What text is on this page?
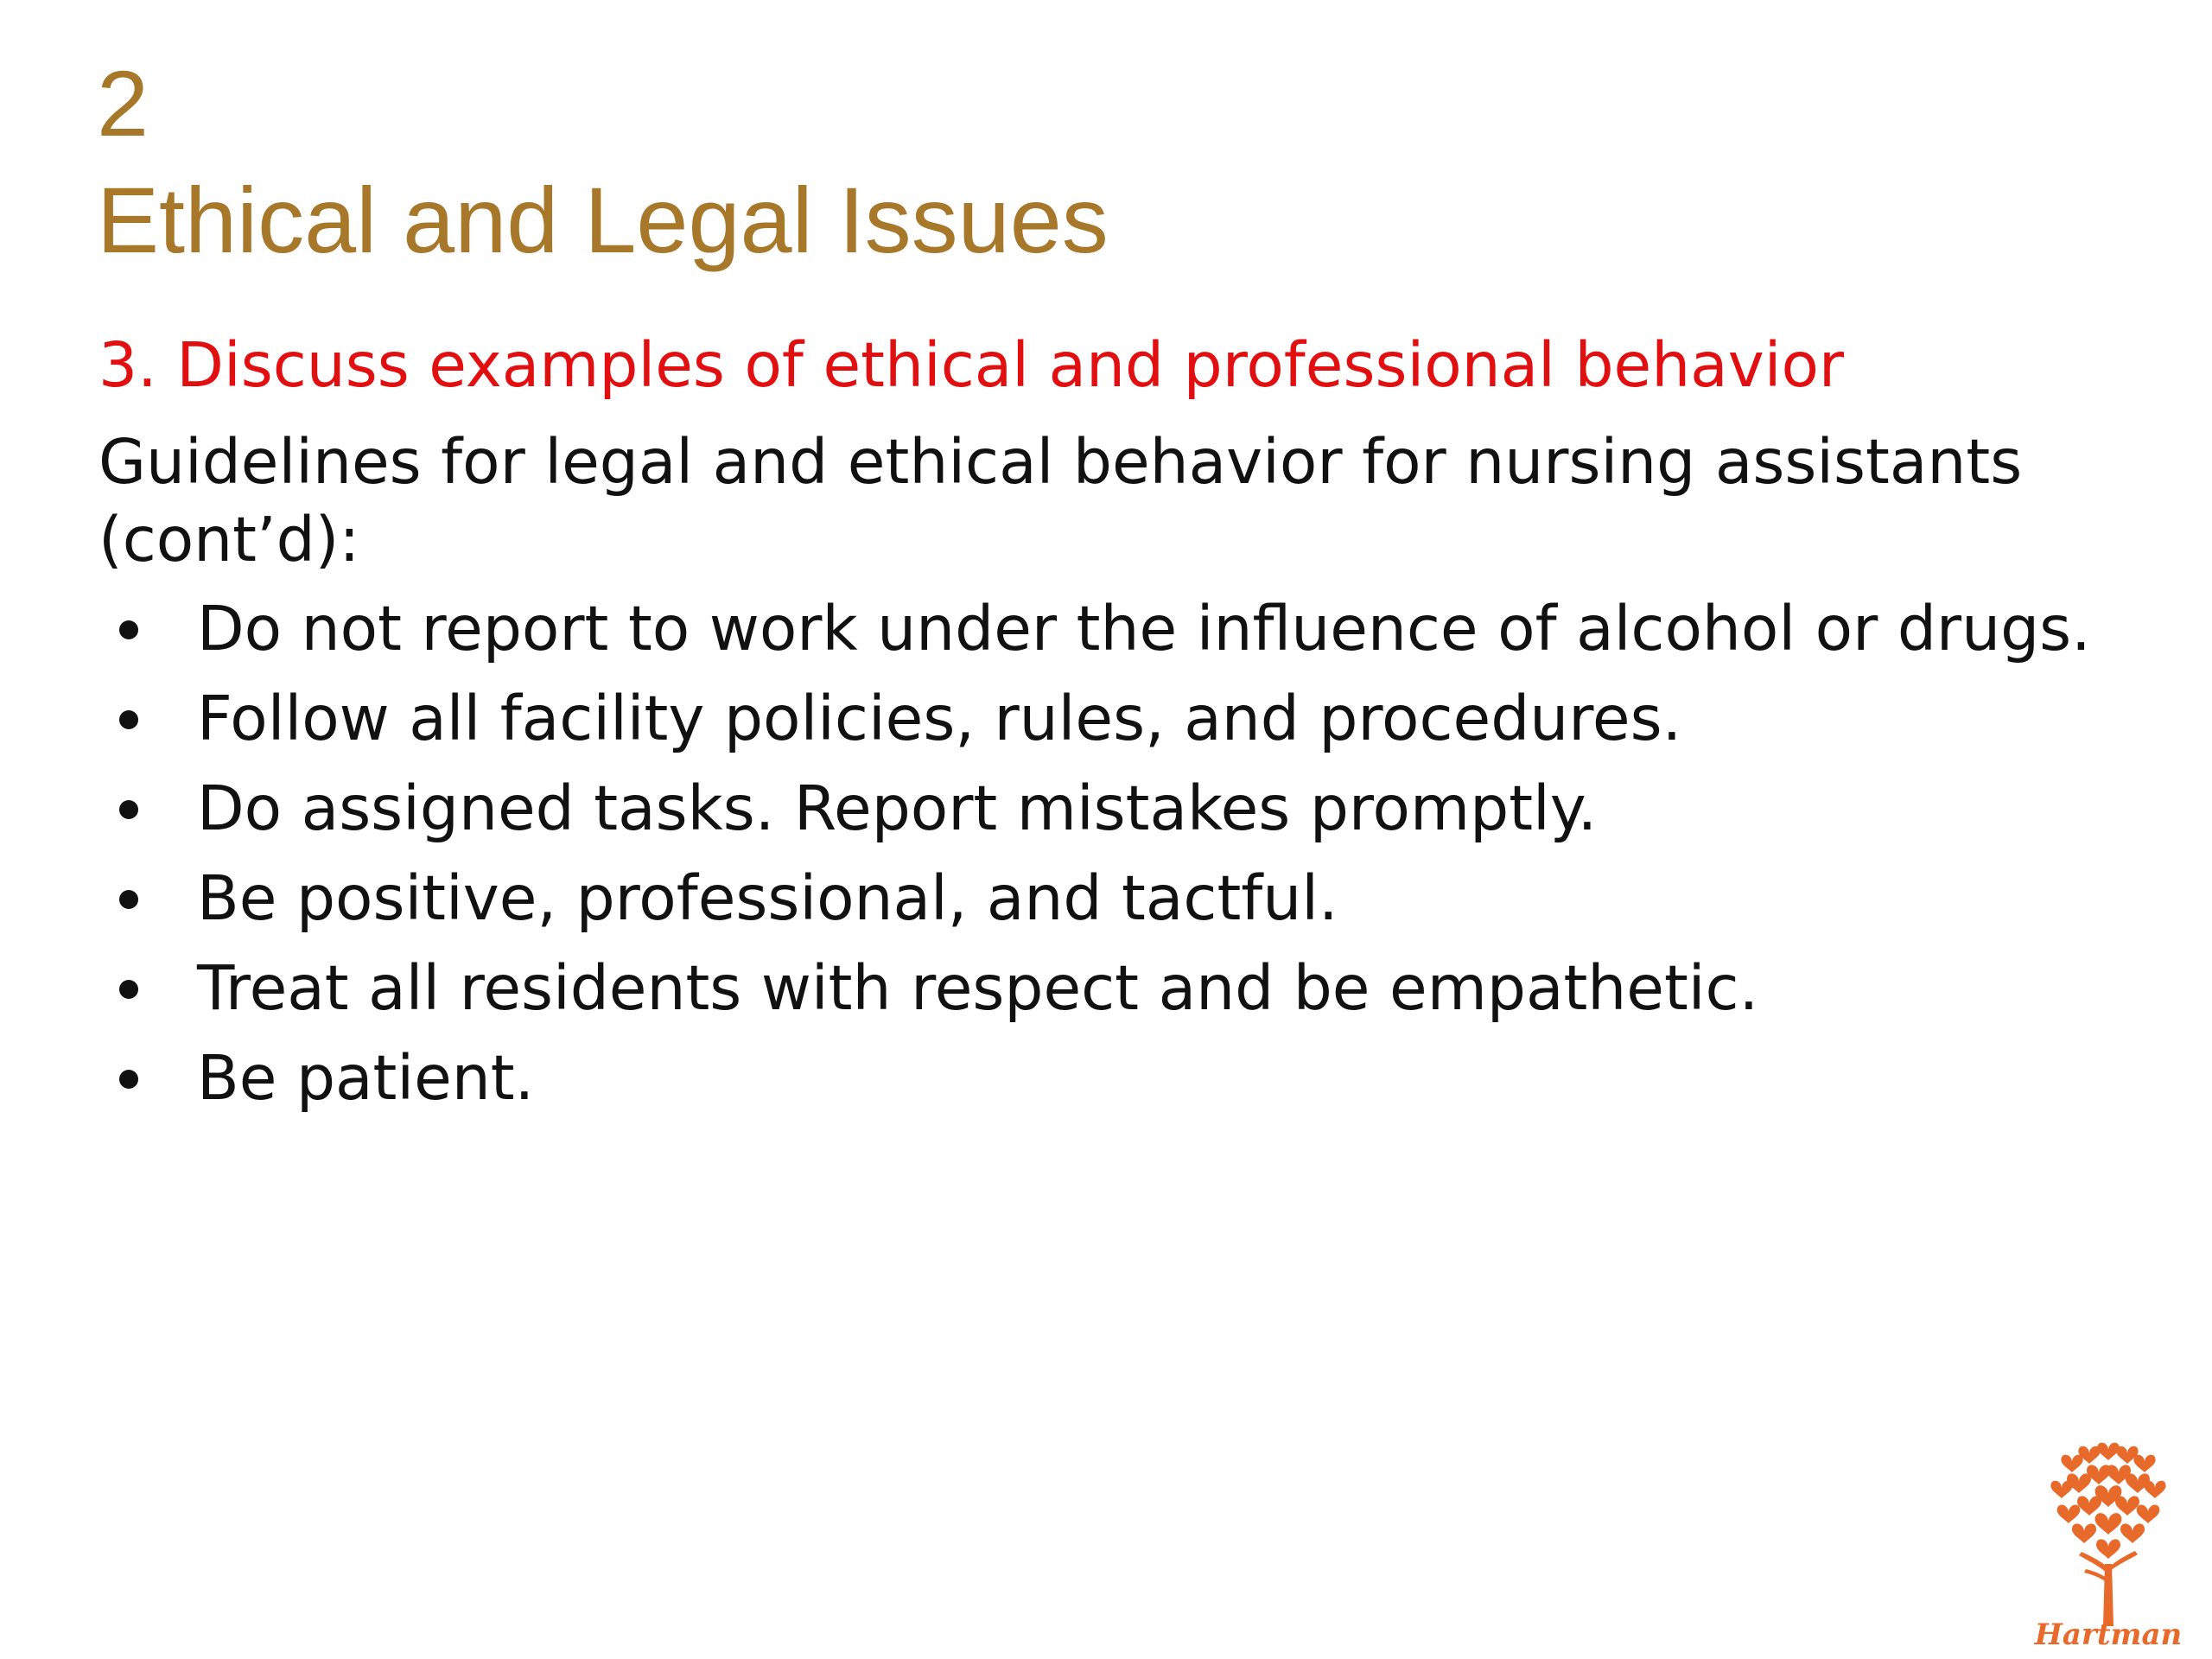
2
Ethical and Legal Issues
3. Discuss examples of ethical and professional behavior
Guidelines for legal and ethical behavior for nursing assistants
(cont’d):
Do not report to work under the influence of alcohol or drugs.
Follow all facility policies, rules, and procedures.
Do assigned tasks. Report mistakes promptly.
Be positive, professional, and tactful.
Treat all residents with respect and be empathetic.
Be patient.
Hartman
